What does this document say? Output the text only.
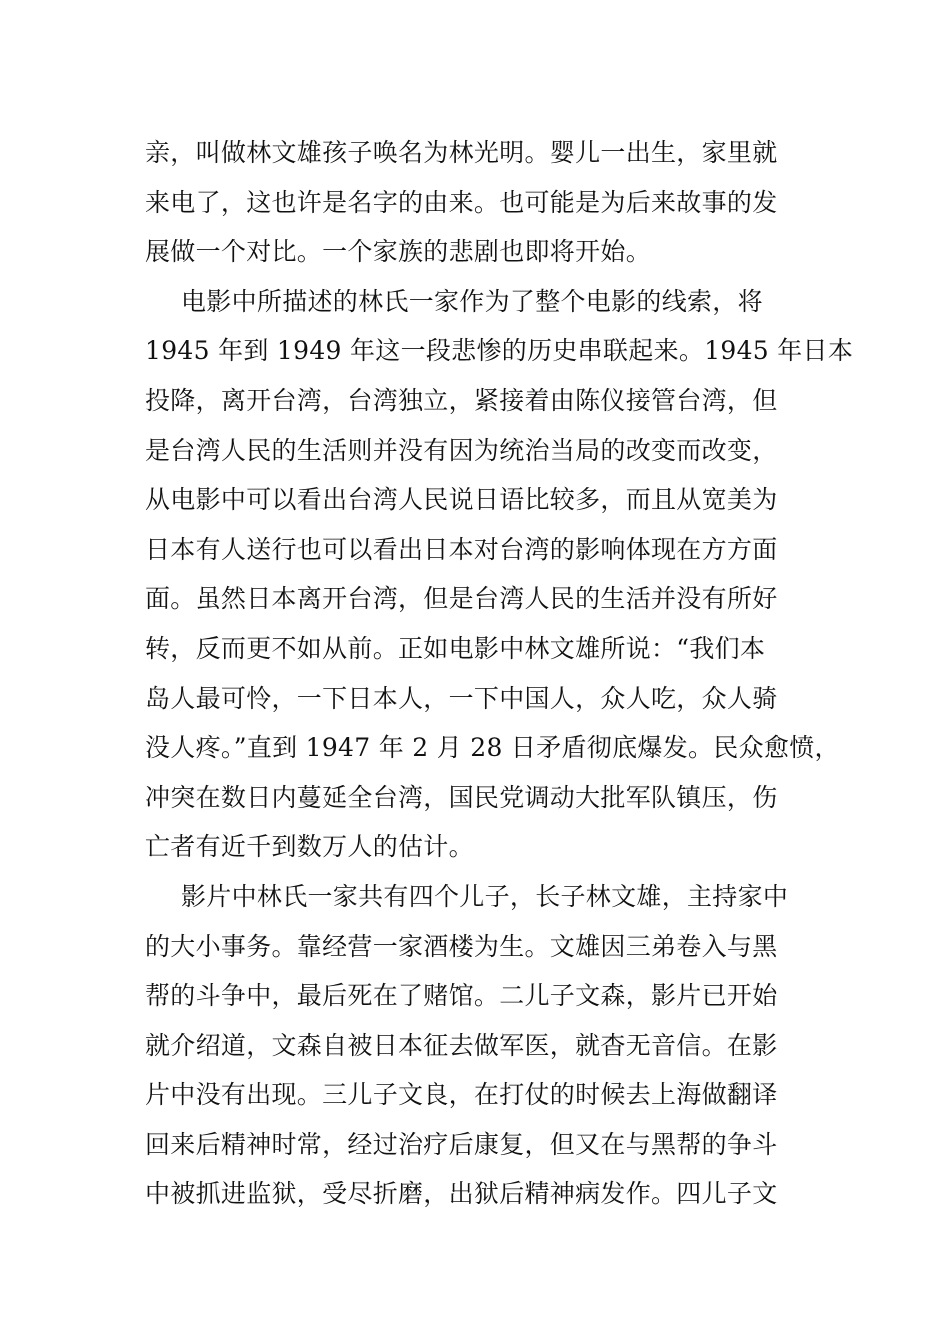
亲，叫做林文雄孩子唤名为林光明。婴儿一出生，家里就
来电了，这也许是名字的由来。也可能是为后来故事的发
展做一个对比。一个家族的悲剧也即将开始。
电影中所描述的林氏一家作为了整个电影的线索，将
1945 年到 1949 年这一段悲惨的历史串联起来。1945 年日本
投降，离开台湾，台湾独立，紧接着由陈仪接管台湾，但
是台湾人民的生活则并没有因为统治当局的改变而改变，
从电影中可以看出台湾人民说日语比较多，而且从宽美为
日本有人送行也可以看出日本对台湾的影响体现在方方面
面。虽然日本离开台湾，但是台湾人民的生活并没有所好
转，反而更不如从前。正如电影中林文雄所说：“我们本
岛人最可怜，一下日本人，一下中国人，众人吃，众人骑
没人疼。”直到 1947 年 2 月 28 日矛盾彻底爆发。民众愈愤，
冲突在数日内蔓延全台湾，国民党调动大批军队镇压，伤
亡者有近千到数万人的估计。
影片中林氏一家共有四个儿子，长子林文雄，主持家中
的大小事务。靠经营一家酒楼为生。文雄因三弟卷入与黑
帮的斗争中，最后死在了赌馆。二儿子文森，影片已开始
就介绍道，文森自被日本征去做军医，就杳无音信。在影
片中没有出现。三儿子文良，在打仗的时候去上海做翻译
回来后精神时常，经过治疗后康复，但又在与黑帮的争斗
中被抓进监狱，受尽折磨，出狱后精神病发作。四儿子文
